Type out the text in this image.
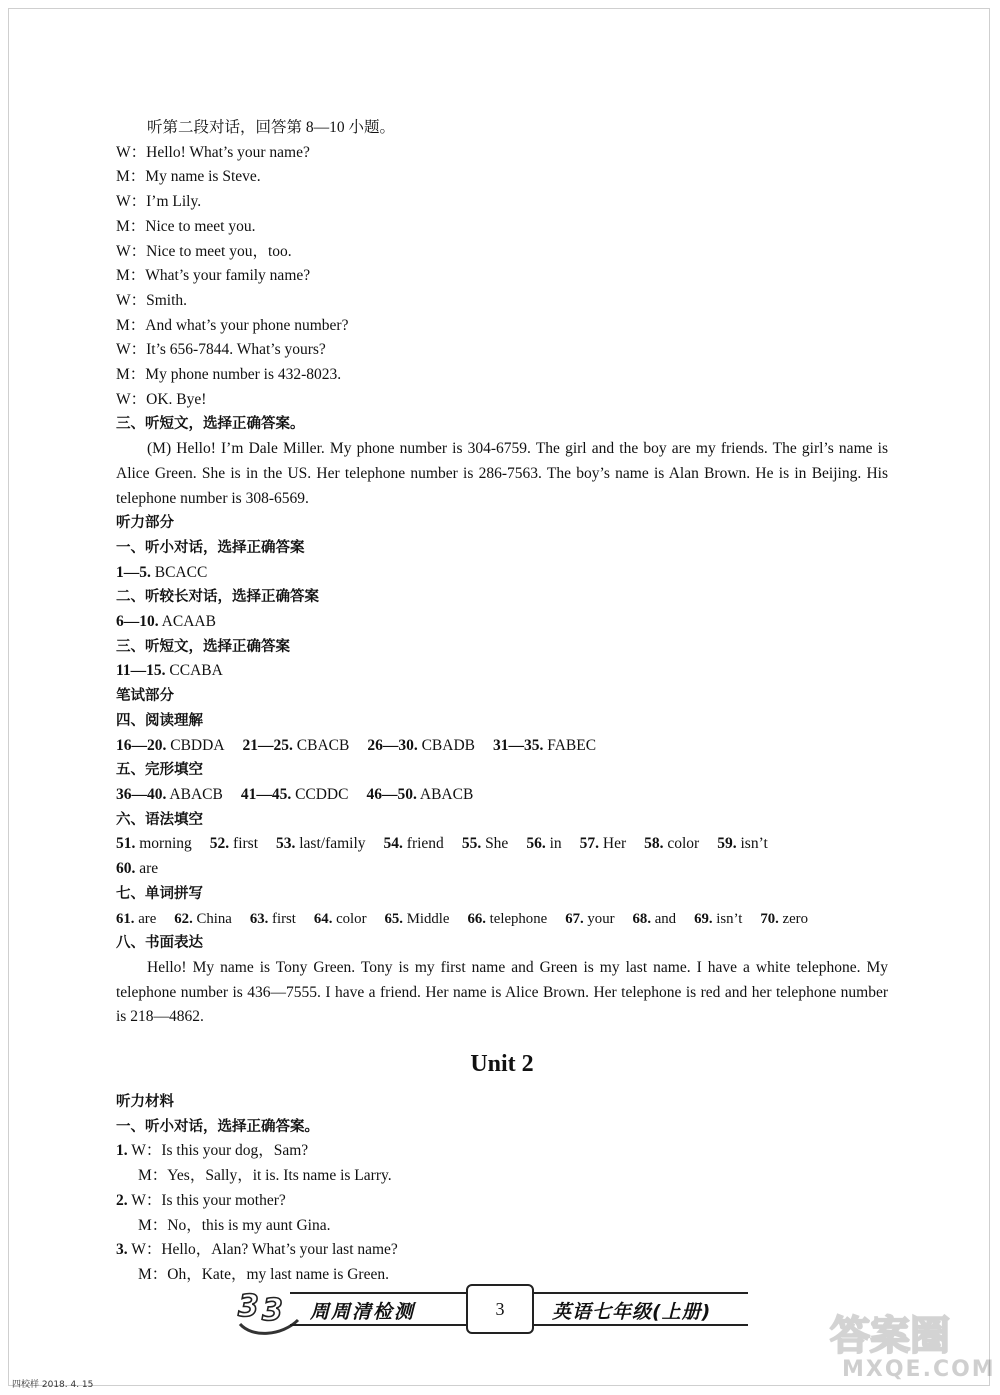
听第二段对话，回答第 8—10 小题。
W：Hello! What’s your name?
M：My name is Steve.
W：I’m Lily.
M：Nice to meet you.
W：Nice to meet you，too.
M：What’s your family name?
W：Smith.
M：And what’s your phone number?
W：It’s 656-7844. What’s yours?
M：My phone number is 432-8023.
W：OK. Bye!
三、听短文，选择正确答案。
(M) Hello! I’m Dale Miller. My phone number is 304-6759. The girl and the boy are my friends. The girl’s name is Alice Green. She is in the US. Her telephone number is 286-7563. The boy’s name is Alan Brown. He is in Beijing. His telephone number is 308-6569.
听力部分
一、听小对话，选择正确答案
1—5. BCACC
二、听较长对话，选择正确答案
6—10. ACAAB
三、听短文，选择正确答案
11—15. CCABA
笔试部分
四、阅读理解
16—20. CBDDA 21—25. CBACB 26—30. CBADB 31—35. FABEC
五、完形填空
36—40. ABACB 41—45. CCDDC 46—50. ABACB
六、语法填空
51. morning 52. first 53. last/family 54. friend 55. She 56. in 57. Her 58. color 59. isn’t
60. are
七、单词拼写
61. are 62. China 63. first 64. color 65. Middle 66. telephone 67. your 68. and 69. isn’t 70. zero
八、书面表达
Hello! My name is Tony Green. Tony is my first name and Green is my last name. I have a white telephone. My telephone number is 436—7555. I have a friend. Her name is Alice Brown. Her telephone is red and her telephone number is 218—4862.
Unit 2
听力材料
一、听小对话，选择正确答案。
1. W：Is this your dog，Sam?
M：Yes，Sally，it is. Its name is Larry.
2. W：Is this your mother?
M：No，this is my aunt Gina.
3. W：Hello，Alan? What’s your last name?
M：Oh，Kate，my last name is Green.
3 3 周周清检测	3	英语七年级(上册)
答案圈
MXQE.COM
四校样 2018. 4. 15
